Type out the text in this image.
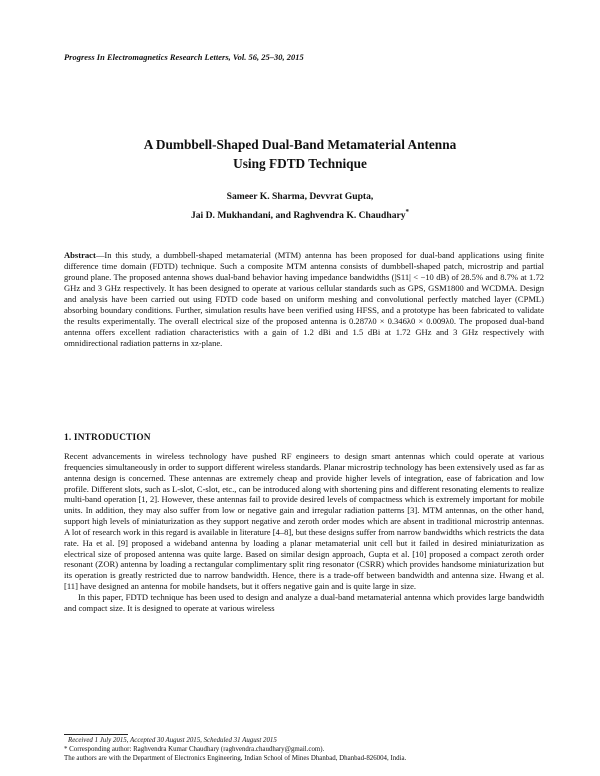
Progress In Electromagnetics Research Letters, Vol. 56, 25–30, 2015
A Dumbbell-Shaped Dual-Band Metamaterial Antenna
Using FDTD Technique
Sameer K. Sharma, Devvrat Gupta,
Jai D. Mukhandani, and Raghvendra K. Chaudhary*

Abstract—In this study, a dumbbell-shaped metamaterial (MTM) antenna has been proposed for dual-band applications using finite difference time domain (FDTD) technique. Such a composite MTM antenna consists of dumbbell-shaped patch, microstrip and partial ground plane. The proposed antenna shows dual-band behavior having impedance bandwidths (|S11| < −10 dB) of 28.5% and 8.7% at 1.72 GHz and 3 GHz respectively. It has been designed to operate at various cellular standards such as GPS, GSM1800 and WCDMA. Design and analysis have been carried out using FDTD code based on uniform meshing and convolutional perfectly matched layer (CPML) absorbing boundary conditions. Further, simulation results have been verified using HFSS, and a prototype has been fabricated to validate the results experimentally. The overall electrical size of the proposed antenna is 0.287λ0 × 0.346λ0 × 0.009λ0. The proposed dual-band antenna offers excellent radiation characteristics with a gain of 1.2 dBi and 1.5 dBi at 1.72 GHz and 3 GHz respectively with omnidirectional radiation patterns in xz-plane.

1. INTRODUCTION

Recent advancements in wireless technology have pushed RF engineers to design smart antennas which could operate at various frequencies simultaneously in order to support different wireless standards. Planar microstrip technology has been extensively used as far as antenna design is concerned. These antennas are extremely cheap and provide higher levels of integration, ease of fabrication and low profile. Different slots, such as L-slot, C-slot, etc., can be introduced along with shortening pins and different resonating elements to realize multi-band operation [1, 2]. However, these antennas fail to provide desired levels of compactness which is extremely important for mobile units. In addition, they may also suffer from low or negative gain and irregular radiation patterns [3]. MTM antennas, on the other hand, support high levels of miniaturization as they support negative and zeroth order modes which are absent in traditional microstrip antennas. A lot of research work in this regard is available in literature [4–8], but these designs suffer from narrow bandwidths which restricts the data rate. Ha et al. [9] proposed a wideband antenna by loading a planar metamaterial unit cell but it failed in desired miniaturization as electrical size of proposed antenna was quite large. Based on similar design approach, Gupta et al. [10] proposed a compact zeroth order resonant (ZOR) antenna by loading a rectangular complimentary split ring resonator (CSRR) which provides handsome miniaturization but its operation is greatly restricted due to narrow bandwidth. Hence, there is a trade-off between bandwidth and antenna size. Hwang et al. [11] have designed an antenna for mobile handsets, but it offers negative gain and is quite large in size.

In this paper, FDTD technique has been used to design and analyze a dual-band metamaterial antenna which provides large bandwidth and compact size. It is designed to operate at various wireless

Received 1 July 2015, Accepted 30 August 2015, Scheduled 31 August 2015
* Corresponding author: Raghvendra Kumar Chaudhary (raghvendra.chaudhary@gmail.com).
The authors are with the Department of Electronics Engineering, Indian School of Mines Dhanbad, Dhanbad-826004, India.
